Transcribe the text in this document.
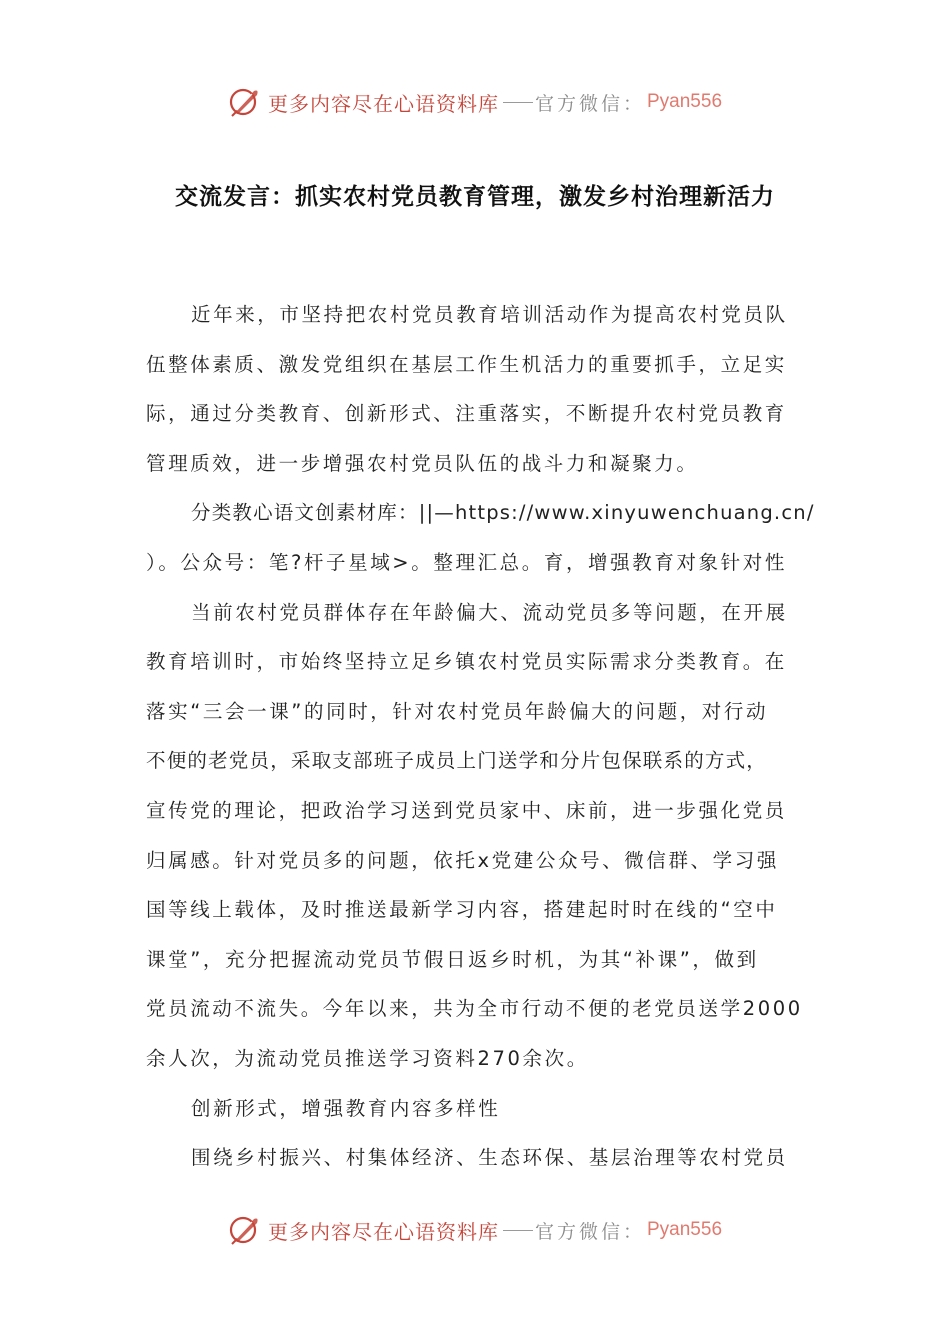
更多内容尽在心语资料库 官方微信： Pyan556
交流发言：抓实农村党员教育管理，激发乡村治理新活力
近年来，市坚持把农村党员教育培训活动作为提高农村党员队
伍整体素质、激发党组织在基层工作生机活力的重要抓手，立足实
际，通过分类教育、创新形式、注重落实，不断提升农村党员教育
管理质效，进一步增强农村党员队伍的战斗力和凝聚力。
分类教心语文创素材库：||—https://www.xinyuwenchuang.cn/
）。公众号：笔?杆子星域>。整理汇总。育，增强教育对象针对性
当前农村党员群体存在年龄偏大、流动党员多等问题，在开展
教育培训时，市始终坚持立足乡镇农村党员实际需求分类教育。在
落实“三会一课”的同时，针对农村党员年龄偏大的问题，对行动
不便的老党员，采取支部班子成员上门送学和分片包保联系的方式，
宣传党的理论，把政治学习送到党员家中、床前，进一步强化党员
归属感。针对党员多的问题，依托x党建公众号、微信群、学习强
国等线上载体，及时推送最新学习内容，搭建起时时在线的“空中
课堂”，充分把握流动党员节假日返乡时机，为其“补课”，做到
党员流动不流失。今年以来，共为全市行动不便的老党员送学2000
余人次，为流动党员推送学习资料270余次。
创新形式，增强教育内容多样性
围绕乡村振兴、村集体经济、生态环保、基层治理等农村党员
更多内容尽在心语资料库 官方微信： Pyan556
